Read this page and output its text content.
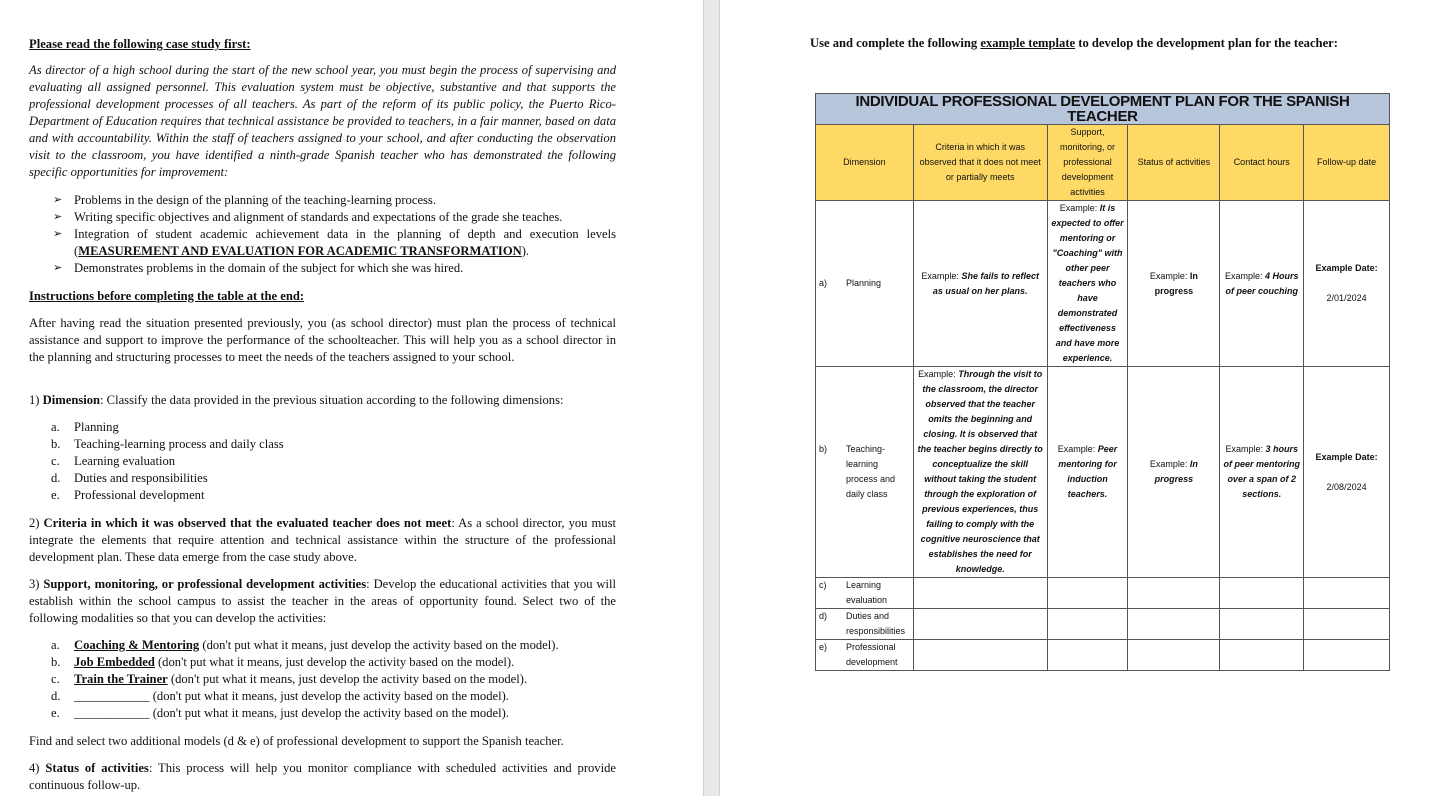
Please read the following case study first:
As director of a high school during the start of the new school year, you must begin the process of supervising and evaluating all assigned personnel. This evaluation system must be objective, substantive and that supports the professional development processes of all teachers. As part of the reform of its public policy, the Puerto Rico-Department of Education requires that technical assistance be provided to teachers, in a fair manner, based on data and with accountability. Within the staff of teachers assigned to your school, and after conducting the observation visit to the classroom, you have identified a ninth-grade Spanish teacher who has demonstrated the following specific opportunities for improvement:
➢ Problems in the design of the planning of the teaching-learning process.
➢ Writing specific objectives and alignment of standards and expectations of the grade she teaches.
➢ Integration of student academic achievement data in the planning of depth and execution levels (MEASUREMENT AND EVALUATION FOR ACADEMIC TRANSFORMATION).
➢ Demonstrates problems in the domain of the subject for which she was hired.
Instructions before completing the table at the end:
After having read the situation presented previously, you (as school director) must plan the process of technical assistance and support to improve the performance of the schoolteacher. This will help you as a school director in the planning and structuring processes to meet the needs of the teachers assigned to your school.
1) Dimension: Classify the data provided in the previous situation according to the following dimensions:
a. Planning
b. Teaching-learning process and daily class
c. Learning evaluation
d. Duties and responsibilities
e. Professional development
2) Criteria in which it was observed that the evaluated teacher does not meet: As a school director, you must integrate the elements that require attention and technical assistance within the structure of the professional development plan. These data emerge from the case study above.
3) Support, monitoring, or professional development activities: Develop the educational activities that you will establish within the school campus to assist the teacher in the areas of opportunity found. Select two of the following modalities so that you can develop the activities:
a. Coaching & Mentoring (don't put what it means, just develop the activity based on the model).
b. Job Embedded (don't put what it means, just develop the activity based on the model).
c. Train the Trainer (don't put what it means, just develop the activity based on the model).
d. ____________ (don't put what it means, just develop the activity based on the model).
e. ____________ (don't put what it means, just develop the activity based on the model).
Find and select two additional models (d & e) of professional development to support the Spanish teacher.
4) Status of activities: This process will help you monitor compliance with scheduled activities and provide continuous follow-up.
Use and complete the following example template to develop the development plan for the teacher:
INDIVIDUAL PROFESSIONAL DEVELOPMENT PLAN FOR THE SPANISH TEACHER					
Dimension	Criteria in which it was observed that it does not meet or partially meets	Support, monitoring, or professional development activities	Status of activities	Contact hours	Follow-up date
a) Planning	Example: She fails to reflect as usual on her plans.	Example: It is expected to offer mentoring or "Coaching" with other peer teachers who have demonstrated effectiveness and have more experience.	Example: In progress	Example: 4 Hours of peer couching	Example Date:

2/01/2024
b) Teaching-learning process and daily class	Example: Through the visit to the classroom, the director observed that the teacher omits the beginning and closing. It is observed that the teacher begins directly to conceptualize the skill without taking the student through the exploration of previous experiences, thus failing to comply with the cognitive neuroscience that establishes the need for knowledge.	Example: Peer mentoring for induction teachers.	Example: In progress	Example: 3 hours of peer mentoring over a span of 2 sections.	Example Date:

2/08/2024
c) Learning evaluation					
d) Duties and responsibilities					
e) Professional development					
